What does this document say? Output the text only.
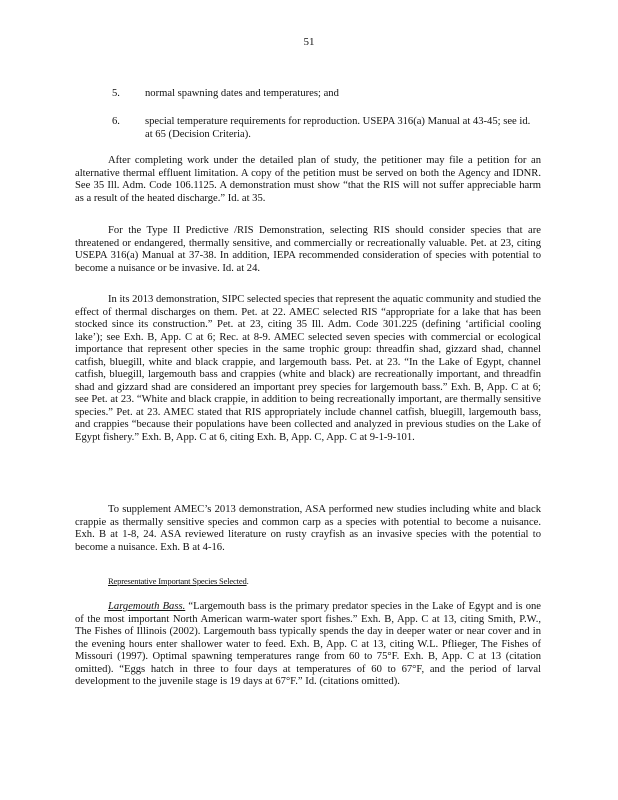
51
5.	normal spawning dates and temperatures; and
6.	special temperature requirements for reproduction. USEPA 316(a) Manual at 43-45; see id. at 65 (Decision Criteria).

After completing work under the detailed plan of study, the petitioner may file a petition for an alternative thermal effluent limitation. A copy of the petition must be served on both the Agency and IDNR. See 35 Ill. Adm. Code 106.1125. A demonstration must show “that the RIS will not suffer appreciable harm as a result of the heated discharge.” Id. at 35.

For the Type II Predictive /RIS Demonstration, selecting RIS should consider species that are threatened or endangered, thermally sensitive, and commercially or recreationally valuable. Pet. at 23, citing USEPA 316(a) Manual at 37-38. In addition, IEPA recommended consideration of species with potential to become a nuisance or be invasive. Id. at 24.

In its 2013 demonstration, SIPC selected species that represent the aquatic community and studied the effect of thermal discharges on them. Pet. at 22. AMEC selected RIS “appropriate for a lake that has been stocked since its construction.” Pet. at 23, citing 35 Ill. Adm. Code 301.225 (defining ‘artificial cooling lake’); see Exh. B, App. C at 6; Rec. at 8-9. AMEC selected seven species with commercial or ecological importance that represent other species in the same trophic group: threadfin shad, gizzard shad, channel catfish, bluegill, white and black crappie, and largemouth bass. Pet. at 23. “In the Lake of Egypt, channel catfish, bluegill, largemouth bass and crappies (white and black) are recreationally important, and threadfin shad and gizzard shad are considered an important prey species for largemouth bass.” Exh. B, App. C at 6; see Pet. at 23. “White and black crappie, in addition to being recreationally important, are thermally sensitive species.” Pet. at 23. AMEC stated that RIS appropriately include channel catfish, bluegill, largemouth bass, and crappies “because their populations have been collected and analyzed in previous studies on the Lake of Egypt fishery.” Exh. B, App. C at 6, citing Exh. B, App. C, App. C at 9-1-9-101.

To supplement AMEC’s 2013 demonstration, ASA performed new studies including white and black crappie as thermally sensitive species and common carp as a species with potential to become a nuisance. Exh. B at 1-8, 24. ASA reviewed literature on rusty crayfish as an invasive species with the potential to become a nuisance. Exh. B at 4-16.

Representative Important Species Selected.

Largemouth Bass. “Largemouth bass is the primary predator species in the Lake of Egypt and is one of the most important North American warm-water sport fishes.” Exh. B, App. C at 13, citing Smith, P.W., The Fishes of Illinois (2002). Largemouth bass typically spends the day in deeper water or near cover and in the evening hours enter shallower water to feed. Exh. B, App. C at 13, citing W.L. Pflieger, The Fishes of Missouri (1997). Optimal spawning temperatures range from 60 to 75°F. Exh. B, App. C at 13 (citation omitted). “Eggs hatch in three to four days at temperatures of 60 to 67°F, and the period of larval development to the juvenile stage is 19 days at 67°F.” Id. (citations omitted).
